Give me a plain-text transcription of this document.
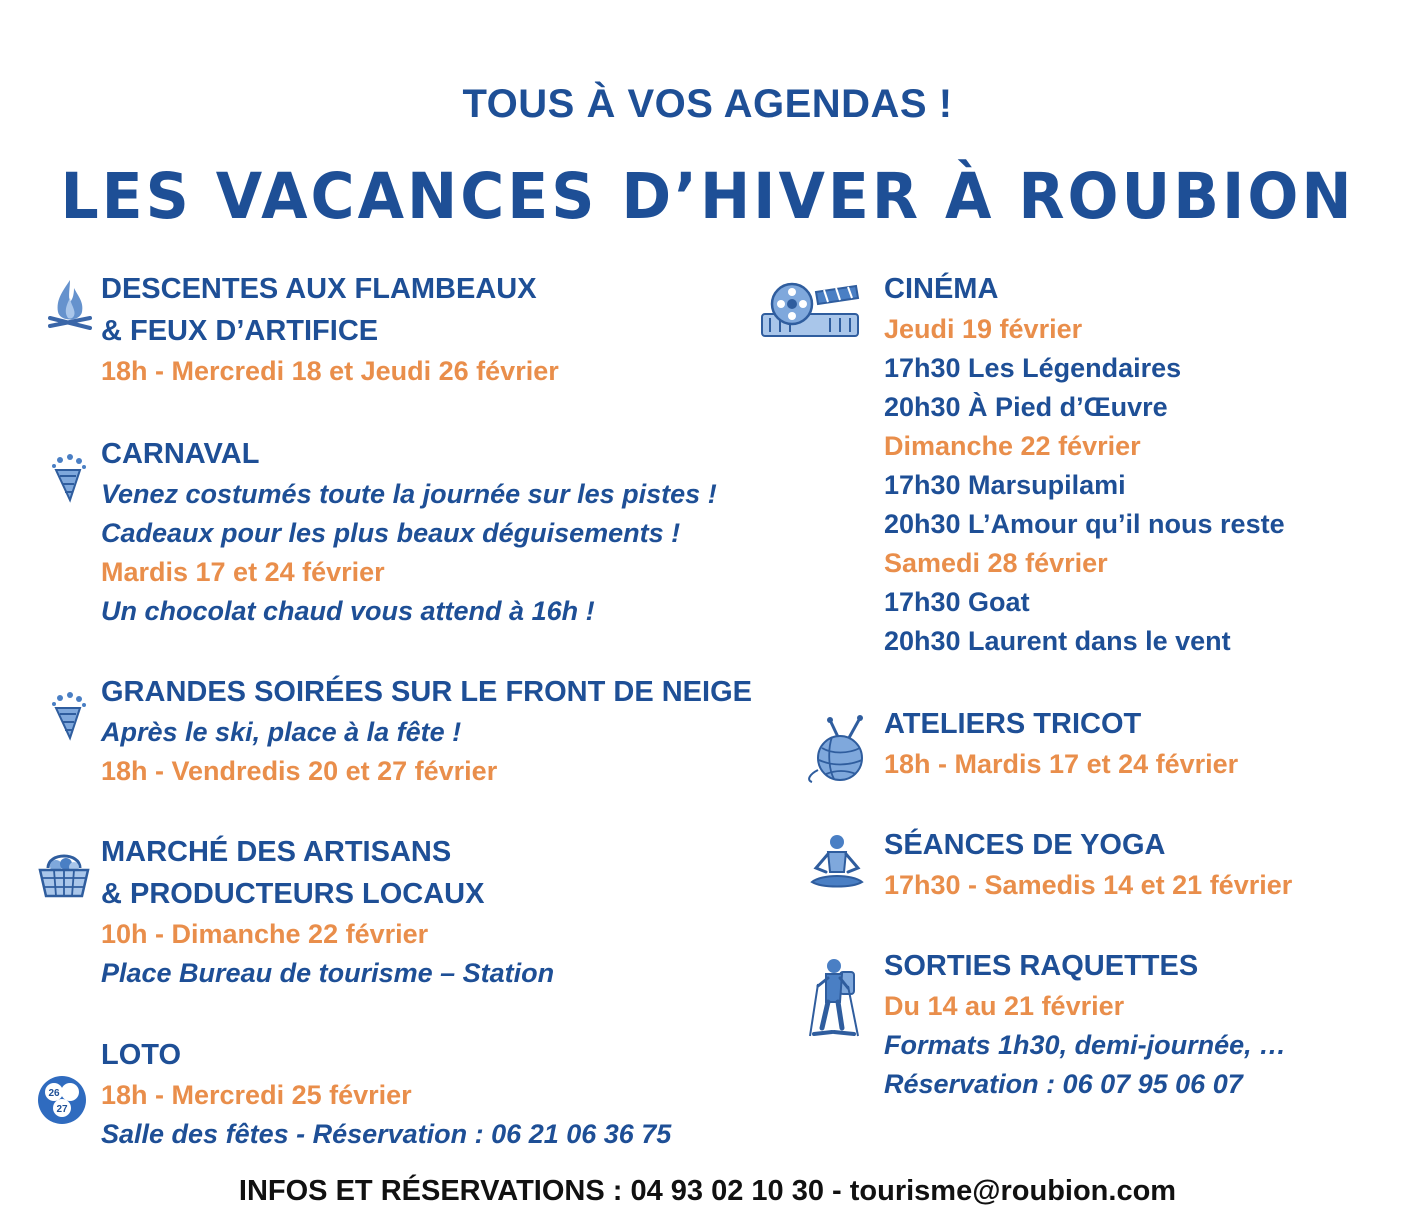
TOUS À VOS AGENDAS !
LES VACANCES D’HIVER À ROUBION
DESCENTES AUX FLAMBEAUX
& FEUX D’ARTIFICE
18h - Mercredi 18 et Jeudi 26 février
CARNAVAL
Venez costumés toute la journée sur les pistes !
Cadeaux pour les plus beaux déguisements !
Mardis 17 et 24 février
Un chocolat chaud vous attend à 16h !
GRANDES SOIRÉES SUR LE FRONT DE NEIGE
Après le ski, place à la fête !
18h - Vendredis 20 et 27 février
MARCHÉ DES ARTISANS
& PRODUCTEURS LOCAUX
10h - Dimanche 22 février
Place Bureau de tourisme – Station
26
27
LOTO
18h - Mercredi 25 février
Salle des fêtes - Réservation : 06 21 06 36 75
CINÉMA
Jeudi 19 février
17h30 Les Légendaires
20h30 À Pied d’Œuvre
Dimanche 22 février
17h30 Marsupilami
20h30 L’Amour qu’il nous reste
Samedi 28 février
17h30 Goat
20h30 Laurent dans le vent
ATELIERS TRICOT
18h - Mardis 17 et 24 février
SÉANCES DE YOGA
17h30 - Samedis 14 et 21 février
SORTIES RAQUETTES
Du 14 au 21 février
Formats 1h30, demi-journée, …
Réservation : 06 07 95 06 07
INFOS ET RÉSERVATIONS : 04 93 02 10 30 - tourisme@roubion.com
